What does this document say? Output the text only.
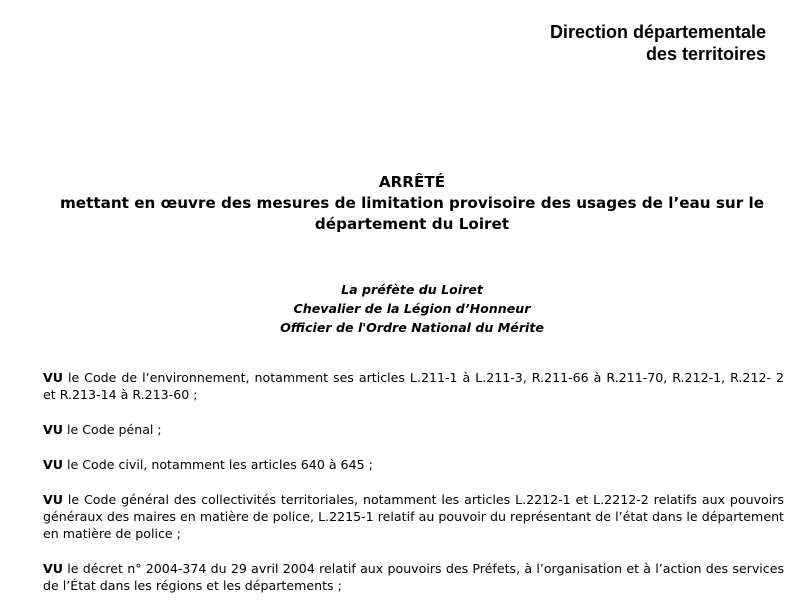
Direction départementale
des territoires
ARRÊTÉ
mettant en œuvre des mesures de limitation provisoire des usages de l’eau sur le
département du Loiret
La préfète du Loiret
Chevalier de la Légion d’Honneur
Officier de l'Ordre National du Mérite

VU le Code de l’environnement, notamment ses articles L.211-1 à L.211-3, R.211-66 à R.211-70, R.212-1, R.212- 2 et R.213-14 à R.213-60 ;

VU le Code pénal ;

VU le Code civil, notamment les articles 640 à 645 ;

VU le Code général des collectivités territoriales, notamment les articles L.2212-1 et L.2212-2 relatifs aux pouvoirs généraux des maires en matière de police, L.2215-1 relatif au pouvoir du représentant de l’état dans le département en matière de police ;

VU le décret n° 2004-374 du 29 avril 2004 relatif aux pouvoirs des Préfets, à l’organisation et à l’action des services de l’État dans les régions et les départements ;
